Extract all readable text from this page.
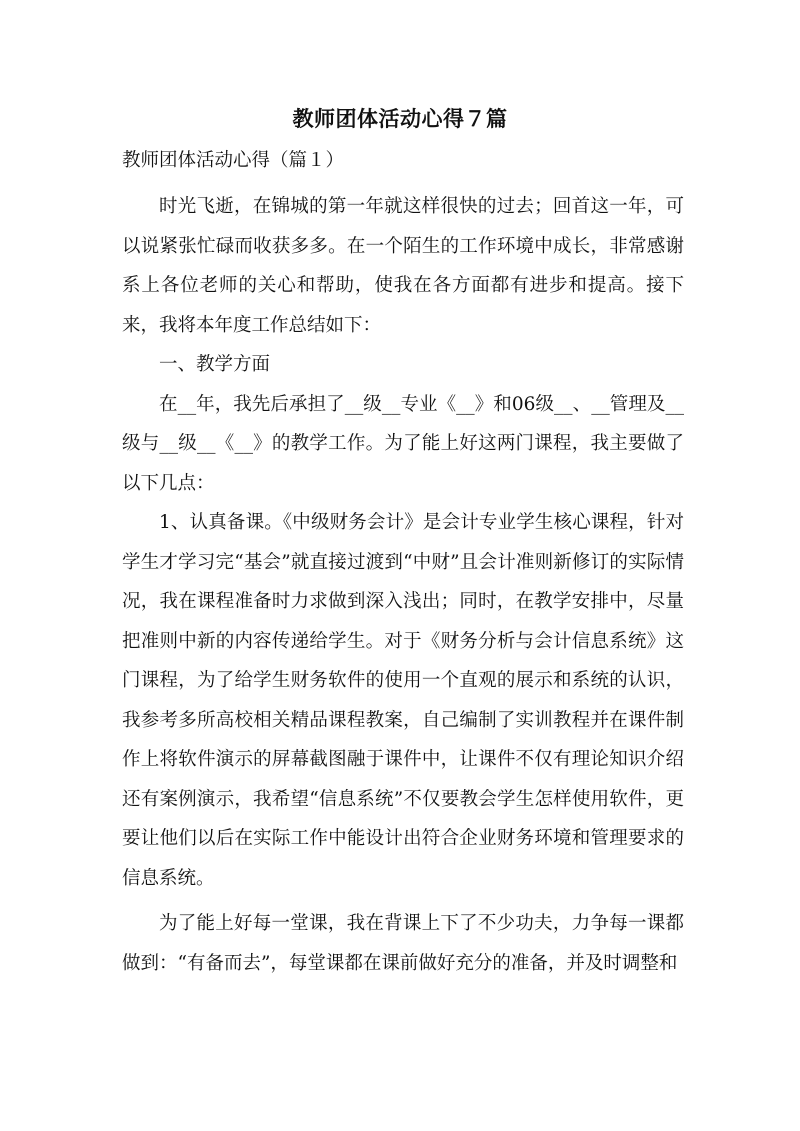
教师团体活动心得７篇
教师团体活动心得（篇１）

时光飞逝，在锦城的第一年就这样很快的过去；回首这一年，可以说紧张忙碌而收获多多。在一个陌生的工作环境中成长，非常感谢系上各位老师的关心和帮助，使我在各方面都有进步和提高。接下来，我将本年度工作总结如下：

一、教学方面

在__年，我先后承担了__级__专业《__》和06级__、__管理及__级与__级__《__》的教学工作。为了能上好这两门课程，我主要做了以下几点：

1、认真备课。《中级财务会计》是会计专业学生核心课程，针对学生才学习完“基会”就直接过渡到“中财”且会计准则新修订的实际情况，我在课程准备时力求做到深入浅出；同时，在教学安排中，尽量把准则中新的内容传递给学生。对于《财务分析与会计信息系统》这门课程，为了给学生财务软件的使用一个直观的展示和系统的认识，我参考多所高校相关精品课程教案，自己编制了实训教程并在课件制作上将软件演示的屏幕截图融于课件中，让课件不仅有理论知识介绍还有案例演示，我希望“信息系统”不仅要教会学生怎样使用软件，更要让他们以后在实际工作中能设计出符合企业财务环境和管理要求的信息系统。

为了能上好每一堂课，我在背课上下了不少功夫，力争每一课都做到：“有备而去”，每堂课都在课前做好充分的准备，并及时调整和
